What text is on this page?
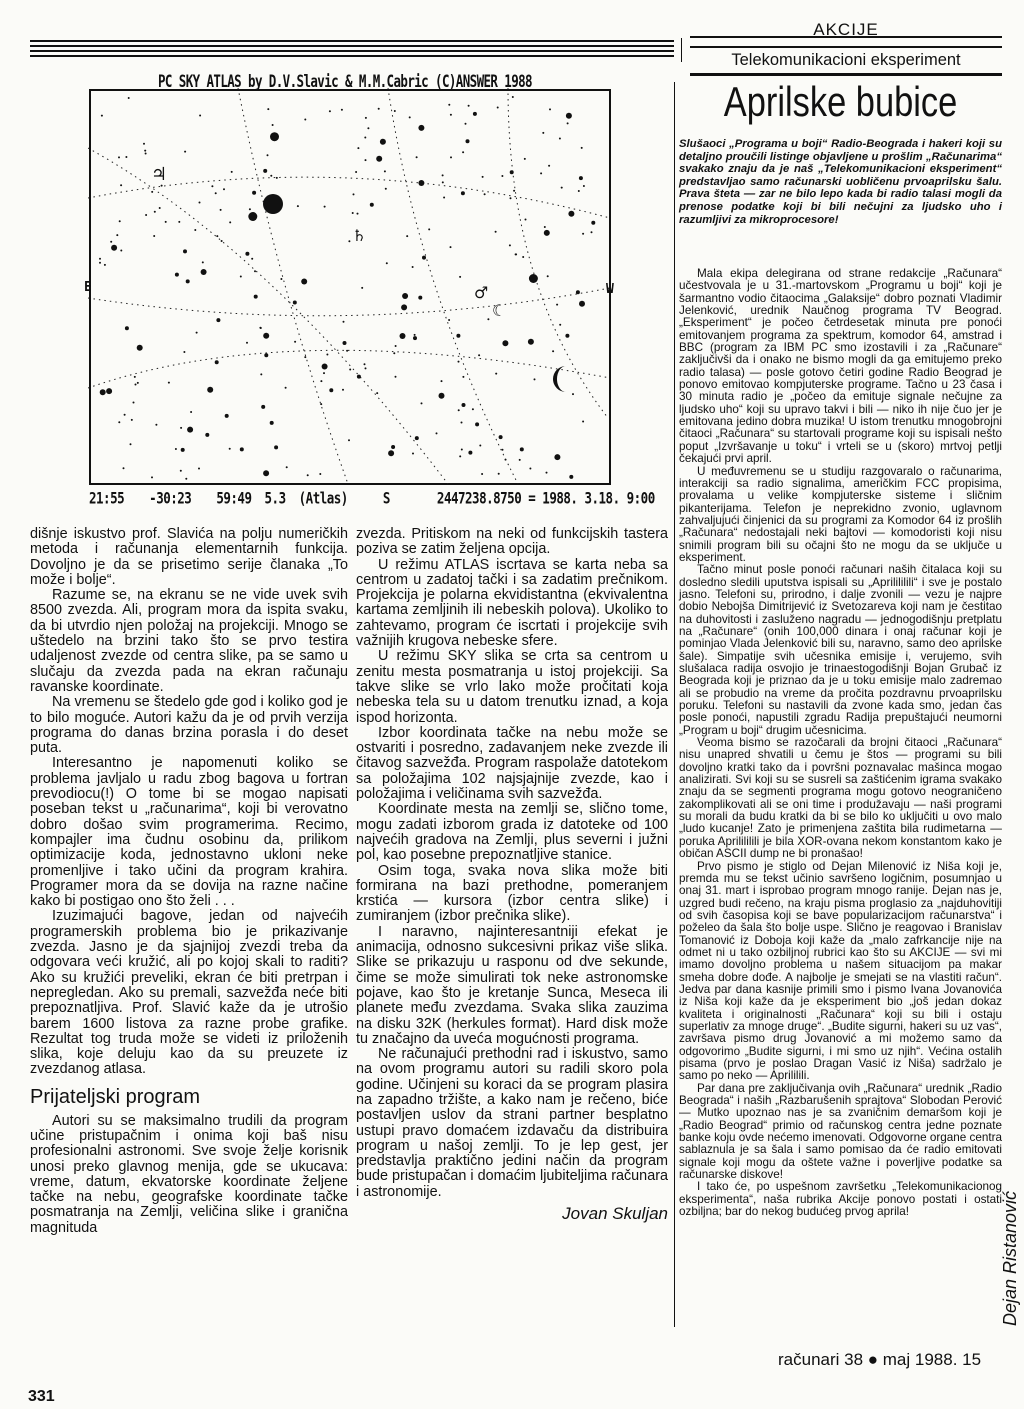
AKCIJE
Telekomunikacioni eksperiment
PC SKY ATLAS by D.V.Slavic & M.M.Cabric (C)ANSWER 1988
♃
♄
♂
☾
E	W
21:55 -30:23 59:49 5.3 (Atlas)	S	2447238.8750 = 1988. 3.18. 9:00

dišnje iskustvo prof. Slavića na polju numeričkih metoda i računanja elementarnih funkcija. Dovoljno je da se prisetimo serije članaka „To može i bolje“.

Razume se, na ekranu se ne vide uvek svih 8500 zvezda. Ali, program mora da ispita svaku, da bi utvrdio njen položaj na projekciji. Mnogo se uštedelo na brzini tako što se prvo testira udaljenost zvezde od centra slike, pa se samo u slučaju da zvezda pada na ekran računaju ravanske koordinate.

Na vremenu se štedelo gde god i koliko god je to bilo moguće. Autori kažu da je od prvih verzija programa do danas brzina porasla i do deset puta.

Interesantno je napomenuti koliko se problema javljalo u radu zbog bagova u fortran prevodiocu(!) O tome bi se mogao napisati poseban tekst u „računarima“, koji bi verovatno dobro došao svim programerima. Recimo, kompajler ima čudnu osobinu da, prilikom optimizacije koda, jednostavno ukloni neke promenljive i tako učini da program krahira. Programer mora da se dovija na razne načine kako bi postigao ono što želi . . .

Izuzimajući bagove, jedan od najvećih programerskih problema bio je prikazivanje zvezda. Jasno je da sjajnijoj zvezdi treba da odgovara veći kružić, ali po kojoj skali to raditi? Ako su kružići preveliki, ekran će biti pretrpan i nepregledan. Ako su premali, sazvežđa neće biti prepoznatljiva. Prof. Slavić kaže da je utrošio barem 1600 listova za razne probe grafike. Rezultat tog truda može se videti iz priloženih slika, koje deluju kao da su preuzete iz zvezdanog atlasa.

Prijateljski program

Autori su se maksimalno trudili da program učine pristupačnim i onima koji baš nisu profesionalni astronomi. Sve svoje želje korisnik unosi preko glavnog menija, gde se ukucava: vreme, datum, ekvatorske koordinate željene tačke na nebu, geografske koordinate tačke posmatranja na Zemlji, veličina slike i granična magnituda

331

zvezda. Pritiskom na neki od funkcijskih tastera poziva se zatim željena opcija.

U režimu ATLAS iscrtava se karta neba sa centrom u zadatoj tački i sa zadatim prečnikom. Projekcija je polarna ekvidistantna (ekvivalentna kartama zemljinih ili nebeskih polova). Ukoliko to zahtevamo, program će iscrtati i projekcije svih važnijih krugova nebeske sfere.

U režimu SKY slika se crta sa centrom u zenitu mesta posmatranja u istoj projekciji. Sa takve slike se vrlo lako može pročitati koja nebeska tela su u datom trenutku iznad, a koja ispod horizonta.

Izbor koordinata tačke na nebu može se ostvariti i posredno, zadavanjem neke zvezde ili čitavog sazvežđa. Program raspolaže datotekom sa položajima 102 najsjajnije zvezde, kao i položajima i veličinama svih sazvežđa.

Koordinate mesta na zemlji se, slično tome, mogu zadati izborom grada iz datoteke od 100 najvećih gradova na Zemlji, plus severni i južni pol, kao posebne prepoznatljive stanice.

Osim toga, svaka nova slika može biti formirana na bazi prethodne, pomeranjem krstića — kursora (izbor centra slike) i zumiranjem (izbor prečnika slike).

I naravno, najinteresantniji efekat je animacija, odnosno sukcesivni prikaz više slika. Slike se prikazuju u rasponu od dve sekunde, čime se može simulirati tok neke astronomske pojave, kao što je kretanje Sunca, Meseca ili planete među zvezdama. Svaka slika zauzima na disku 32K (herkules format). Hard disk može tu značajno da uveća mogućnosti programa.

Ne računajući prethodni rad i iskustvo, samo na ovom programu autori su radili skoro pola godine. Učinjeni su koraci da se program plasira na zapadno tržište, a kako nam je rečeno, biće postavljen uslov da strani partner besplatno ustupi pravo domaćem izdavaču da distribuira program u našoj zemlji. To je lep gest, jer predstavlja praktično jedini način da program bude pristupačan i domaćim ljubiteljima računara i astronomije.

Jovan Skuljan
Aprilske bubice
Slušaoci „Programa u boji“ Radio-Beograda i hakeri koji su detaljno proučili listinge objavljene u prošlim „Računarima“ svakako znaju da je naš „Telekomunikacioni eksperiment“ predstavljao samo računarski uobličenu prvoaprilsku šalu. Prava šteta — zar ne bilo lepo kada bi radio talasi mogli da prenose podatke koji bi bili nečujni za ljudsko uho i razumljivi za mikroprocesore!

Mala ekipa delegirana od strane redakcije „Računara“ učestvovala je u 31.-martovskom „Programu u boji“ koji je šarmantno vodio čitaocima „Galaksije“ dobro poznati Vladimir Jelenković, urednik Naučnog programa TV Beograd. „Eksperiment“ je počeo četrdesetak minuta pre ponoći emitovanjem programa za spektrum, komodor 64, amstrad i BBC (program za IBM PC smo izostavili i za „Računare“ zaključivši da i onako ne bismo mogli da ga emitujemo preko radio talasa) — posle gotovo četiri godine Radio Beograd je ponovo emitovao kompjuterske programe. Tačno u 23 časa i 30 minuta radio je „počeo da emituje signale nečujne za ljudsko uho“ koji su upravo takvi i bili — niko ih nije čuo jer je emitovana jedino dobra muzika! U istom trenutku mnogobrojni čitaoci „Računara“ su startovali programe koji su ispisali nešto poput „Izvršavanje u toku“ i vrteli se u (skoro) mrtvoj petlji čekajući prvi april.

U međuvremenu se u studiju razgovaralo o računarima, interakciji sa radio signalima, američkim FCC propisima, provalama u velike kompjuterske sisteme i sličnim pikanterijama. Telefon je neprekidno zvonio, uglavnom zahvaljujući činjenici da su programi za Komodor 64 iz prošlih „Računara“ nedostajali neki bajtovi — komodoristi koji nisu snimili program bili su očajni što ne mogu da se uključe u eksperiment.

Tačno minut posle ponoći računari naših čitalaca koji su dosledno sledili uputstva ispisali su „Aprilililili“ i sve je postalo jasno. Telefoni su, prirodno, i dalje zvonili — vezu je najpre dobio Nebojša Dimitrijević iz Svetozareva koji nam je čestitao na duhovitosti i zasluženo nagradu — jednogodišnju pretplatu na „Računare“ (onih 100,000 dinara i onaj računar koji je pominjao Vlada Jelenković bili su, naravno, samo deo aprilske šale). Simpatije svih učesnika emisije i, verujemo, svih slušalaca radija osvojio je trinaestogodišnji Bojan Grubač iz Beograda koji je priznao da je u toku emisije malo zadremao ali se probudio na vreme da pročita pozdravnu prvoaprilsku poruku. Telefoni su nastavili da zvone kada smo, jedan čas posle ponoći, napustili zgradu Radija prepuštajući neumorni „Program u boji“ drugim učesnicima.

Veoma bismo se razočarali da brojni čitaoci „Računara“ nisu unapred shvatili u čemu je štos — programi su bili dovoljno kratki tako da i površni poznavalac mašinca mogao analizirati. Svi koji su se susreli sa zaštićenim igrama svakako znaju da se segmenti programa mogu gotovo neograničeno zakomplikovati ali se oni time i produžavaju — naši programi su morali da budu kratki da bi se bilo ko uključiti u ovo malo „ludo kucanje! Zato je primenjena zaštita bila rudimetarna — poruka Aprilililili je bila XOR-ovana nekom konstantom kako je običan ASCII dump ne bi pronašao!

Prvo pismo je stiglo od Dejan Milenović iz Niša koji je, premda mu se tekst učinio savršeno logičnim, posumnjao u onaj 31. mart i isprobao program mnogo ranije. Dejan nas je, uzgred budi rečeno, na kraju pisma proglasio za „najduhovitiji od svih časopisa koji se bave popularizacijom računarstva“ i poželeo da šala što bolje uspe. Slično je reagovao i Branislav Tomanović iz Doboja koji kaže da „malo zafrkancije nije na odmet ni u tako ozbiljnoj rubrici kao što su AKCIJE — svi mi imamo dovoljno problema u našem situacijom pa makar smeha dobre dođe. A najbolje je smejati se na vlastiti račun“. Jedva par dana kasnije primili smo i pismo Ivana Jovanovića iz Niša koji kaže da je eksperiment bio „još jedan dokaz kvaliteta i originalnosti „Računara“ koji su bili i ostaju superlativ za mnoge druge“. „Budite sigurni, hakeri su uz vas“, završava pismo drug Jovanović a mi možemo samo da odgovorimo „Budite sigurni, i mi smo uz njih“. Većina ostalih pisama (prvo je poslao Dragan Vasić iz Niša) sadržalo je samo po neko — Aprililili.

Par dana pre zaključivanja ovih „Računara“ urednik „Radio Beograda“ i naših „Razbarušenih sprajtova“ Slobodan Perović — Mutko upoznao nas je sa zvaničnim demaršom koji je „Radio Beograd“ primio od računskog centra jedne poznate banke koju ovde nećemo imenovati. Odgovorne organe centra sablaznula je sa šala i samo pomisao da će radio emitovati signale koji mogu da oštete važne i poverljive podatke sa računarske diskove!

I tako će, po uspešnom završetku „Telekomunikacionog eksperimenta“, naša rubrika Akcije ponovo postati i ostati ozbiljna; bar do nekog budućeg prvog aprila!	Dejan Ristanović
računari 38 ● maj 1988. 15
